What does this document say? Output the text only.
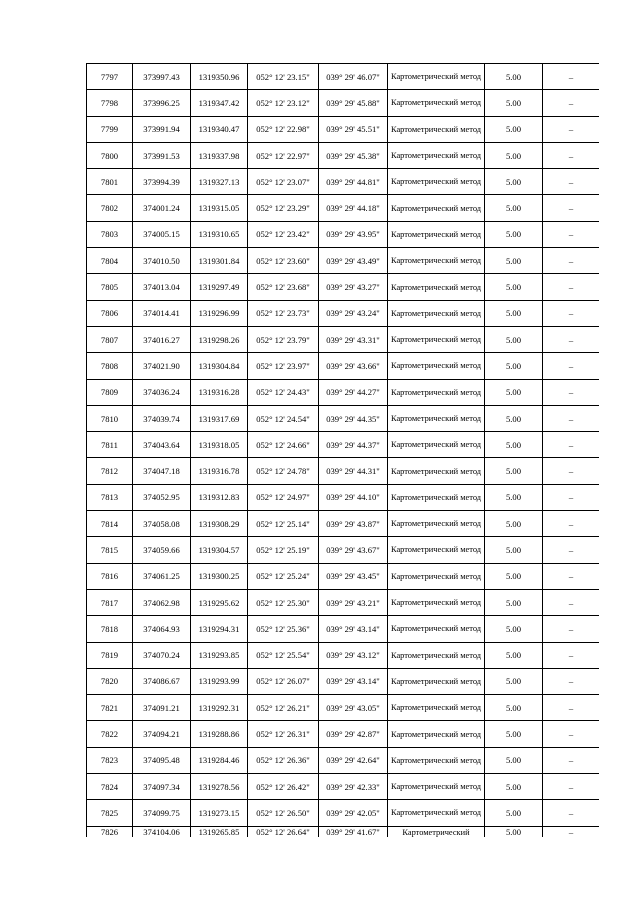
7797	373997.43	1319350.96	052° 12' 23.15"	039° 29' 46.07"	Картометрический метод	5.00	–
7798	373996.25	1319347.42	052° 12' 23.12"	039° 29' 45.88"	Картометрический метод	5.00	–
7799	373991.94	1319340.47	052° 12' 22.98"	039° 29' 45.51"	Картометрический метод	5.00	–
7800	373991.53	1319337.98	052° 12' 22.97"	039° 29' 45.38"	Картометрический метод	5.00	–
7801	373994.39	1319327.13	052° 12' 23.07"	039° 29' 44.81"	Картометрический метод	5.00	–
7802	374001.24	1319315.05	052° 12' 23.29"	039° 29' 44.18"	Картометрический метод	5.00	–
7803	374005.15	1319310.65	052° 12' 23.42"	039° 29' 43.95"	Картометрический метод	5.00	–
7804	374010.50	1319301.84	052° 12' 23.60"	039° 29' 43.49"	Картометрический метод	5.00	–
7805	374013.04	1319297.49	052° 12' 23.68"	039° 29' 43.27"	Картометрический метод	5.00	–
7806	374014.41	1319296.99	052° 12' 23.73"	039° 29' 43.24"	Картометрический метод	5.00	–
7807	374016.27	1319298.26	052° 12' 23.79"	039° 29' 43.31"	Картометрический метод	5.00	–
7808	374021.90	1319304.84	052° 12' 23.97"	039° 29' 43.66"	Картометрический метод	5.00	–
7809	374036.24	1319316.28	052° 12' 24.43"	039° 29' 44.27"	Картометрический метод	5.00	–
7810	374039.74	1319317.69	052° 12' 24.54"	039° 29' 44.35"	Картометрический метод	5.00	–
7811	374043.64	1319318.05	052° 12' 24.66"	039° 29' 44.37"	Картометрический метод	5.00	–
7812	374047.18	1319316.78	052° 12' 24.78"	039° 29' 44.31"	Картометрический метод	5.00	–
7813	374052.95	1319312.83	052° 12' 24.97"	039° 29' 44.10"	Картометрический метод	5.00	–
7814	374058.08	1319308.29	052° 12' 25.14"	039° 29' 43.87"	Картометрический метод	5.00	–
7815	374059.66	1319304.57	052° 12' 25.19"	039° 29' 43.67"	Картометрический метод	5.00	–
7816	374061.25	1319300.25	052° 12' 25.24"	039° 29' 43.45"	Картометрический метод	5.00	–
7817	374062.98	1319295.62	052° 12' 25.30"	039° 29' 43.21"	Картометрический метод	5.00	–
7818	374064.93	1319294.31	052° 12' 25.36"	039° 29' 43.14"	Картометрический метод	5.00	–
7819	374070.24	1319293.85	052° 12' 25.54"	039° 29' 43.12"	Картометрический метод	5.00	–
7820	374086.67	1319293.99	052° 12' 26.07"	039° 29' 43.14"	Картометрический метод	5.00	–
7821	374091.21	1319292.31	052° 12' 26.21"	039° 29' 43.05"	Картометрический метод	5.00	–
7822	374094.21	1319288.86	052° 12' 26.31"	039° 29' 42.87"	Картометрический метод	5.00	–
7823	374095.48	1319284.46	052° 12' 26.36"	039° 29' 42.64"	Картометрический метод	5.00	–
7824	374097.34	1319278.56	052° 12' 26.42"	039° 29' 42.33"	Картометрический метод	5.00	–
7825	374099.75	1319273.15	052° 12' 26.50"	039° 29' 42.05"	Картометрический метод	5.00	–
7826	374104.06	1319265.85	052° 12' 26.64"	039° 29' 41.67"	Картометрический	5.00	–
